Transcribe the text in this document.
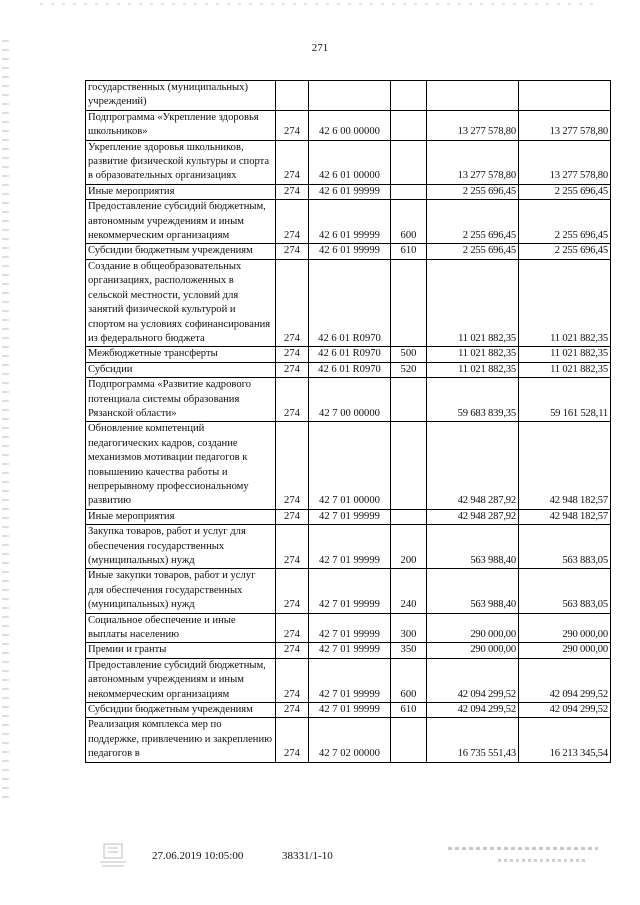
271
государственных (муниципальных) учреждений)					
Подпрограмма «Укрепление здоровья школьников»	274	42 6 00 00000		13 277 578,80	13 277 578,80
Укрепление здоровья школьников, развитие физической культуры и спорта в образовательных организациях	274	42 6 01 00000		13 277 578,80	13 277 578,80
Иные мероприятия	274	42 6 01 99999		2 255 696,45	2 255 696,45
Предоставление субсидий бюджетным, автономным учреждениям и иным некоммерческим организациям	274	42 6 01 99999	600	2 255 696,45	2 255 696,45
Субсидии бюджетным учреждениям	274	42 6 01 99999	610	2 255 696,45	2 255 696,45
Создание в общеобразовательных организациях, расположенных в сельской местности, условий для занятий физической культурой и спортом на условиях софинансирования из федерального бюджета	274	42 6 01 R0970		11 021 882,35	11 021 882,35
Межбюджетные трансферты	274	42 6 01 R0970	500	11 021 882,35	11 021 882,35
Субсидии	274	42 6 01 R0970	520	11 021 882,35	11 021 882,35
Подпрограмма «Развитие кадрового потенциала системы образования Рязанской области»	274	42 7 00 00000		59 683 839,35	59 161 528,11
Обновление компетенций педагогических кадров, создание механизмов мотивации педагогов к повышению качества работы и непрерывному профессиональному развитию	274	42 7 01 00000		42 948 287,92	42 948 182,57
Иные мероприятия	274	42 7 01 99999		42 948 287,92	42 948 182,57
Закупка товаров, работ и услуг для обеспечения государственных (муниципальных) нужд	274	42 7 01 99999	200	563 988,40	563 883,05
Иные закупки товаров, работ и услуг для обеспечения государственных (муниципальных) нужд	274	42 7 01 99999	240	563 988,40	563 883,05
Социальное обеспечение и иные выплаты населению	274	42 7 01 99999	300	290 000,00	290 000,00
Премии и гранты	274	42 7 01 99999	350	290 000,00	290 000,00
Предоставление субсидий бюджетным, автономным учреждениям и иным некоммерческим организациям	274	42 7 01 99999	600	42 094 299,52	42 094 299,52
Субсидии бюджетным учреждениям	274	42 7 01 99999	610	42 094 299,52	42 094 299,52
Реализация комплекса мер по поддержке, привлечению и закреплению педагогов в	274	42 7 02 00000		16 735 551,43	16 213 345,54
27.06.2019 10:05:00	38331/1-10
